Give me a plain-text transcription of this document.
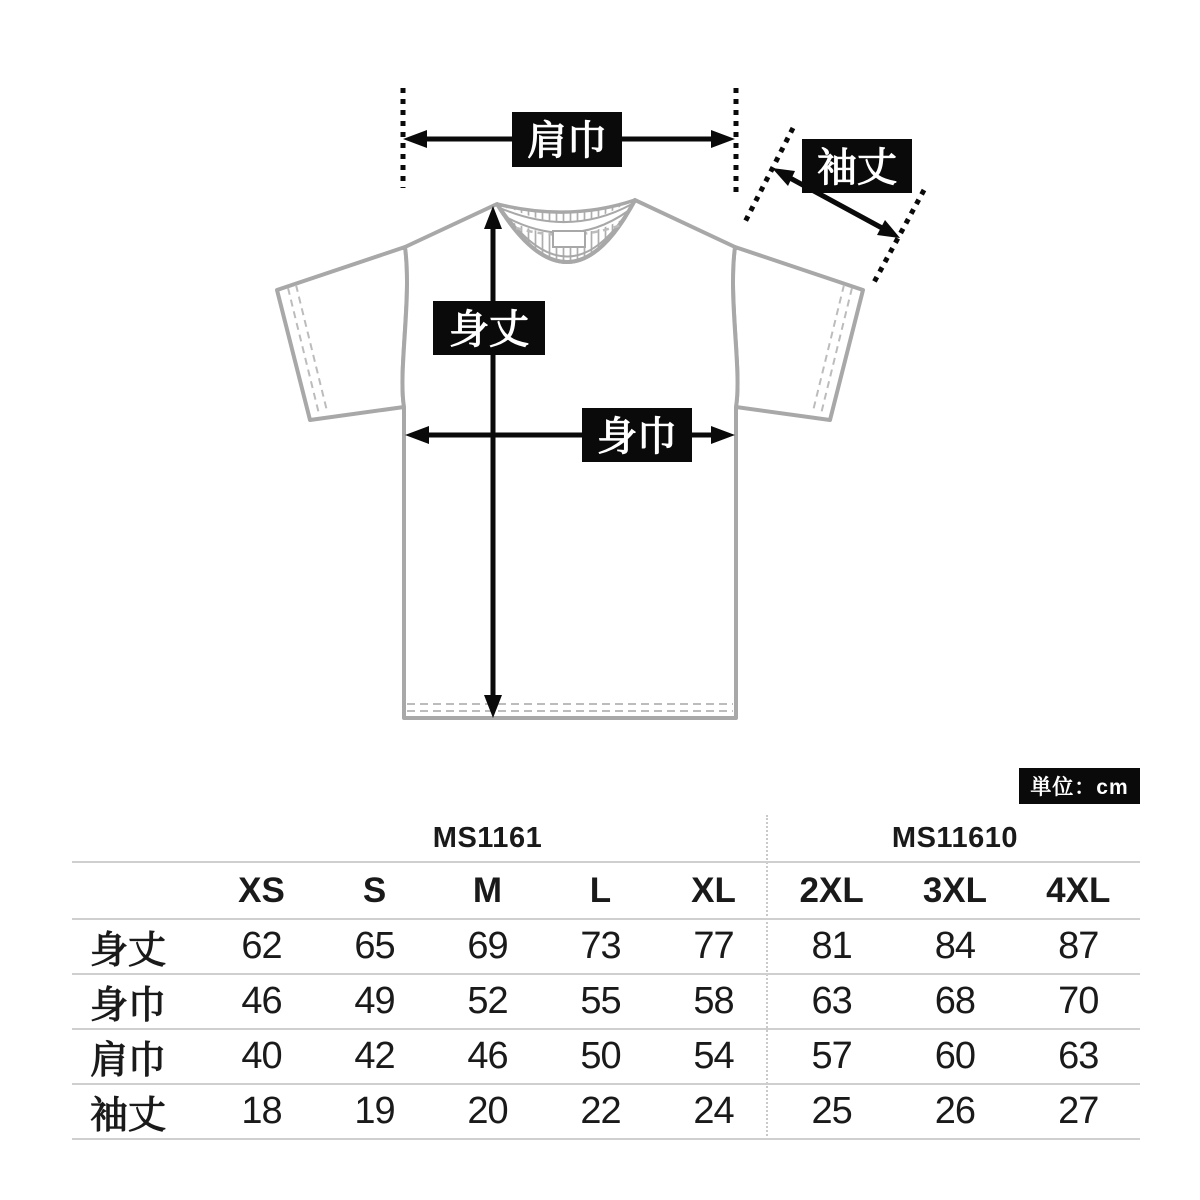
肩巾
袖丈
身丈
身巾
単位：cm
MS1161	MS11610
XS	S	M	L	XL	2XL	3XL	4XL
身丈	62	65	69	73	77	81	84	87
身巾	46	49	52	55	58	63	68	70
肩巾	40	42	46	50	54	57	60	63
袖丈	18	19	20	22	24	25	26	27
